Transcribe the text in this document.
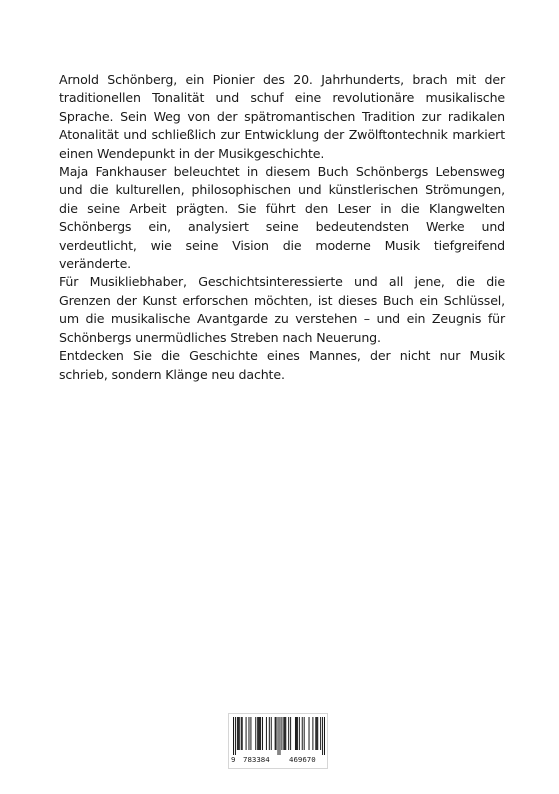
Arnold Schönberg, ein Pionier des 20. Jahrhunderts, brach mit der traditionellen Tonalität und schuf eine revolutionäre musikalische Sprache. Sein Weg von der spätromantischen Tradition zur radikalen Atonalität und schließlich zur Entwicklung der Zwölftontechnik markiert einen Wendepunkt in der Musikgeschichte.

Maja Fankhauser beleuchtet in diesem Buch Schönbergs Lebensweg und die kulturellen, philosophischen und künstlerischen Strömungen, die seine Arbeit prägten. Sie führt den Leser in die Klangwelten Schönbergs ein, analysiert seine bedeutendsten Werke und verdeutlicht, wie seine Vision die moderne Musik tiefgreifend veränderte.

Für Musikliebhaber, Geschichtsinteressierte und all jene, die die Grenzen der Kunst erforschen möchten, ist dieses Buch ein Schlüssel, um die musikalische Avantgarde zu verstehen – und ein Zeugnis für Schönbergs unermüdliches Streben nach Neuerung.

Entdecken Sie die Geschichte eines Mannes, der nicht nur Musik schrieb, sondern Klänge neu dachte.

9 783384	469670
